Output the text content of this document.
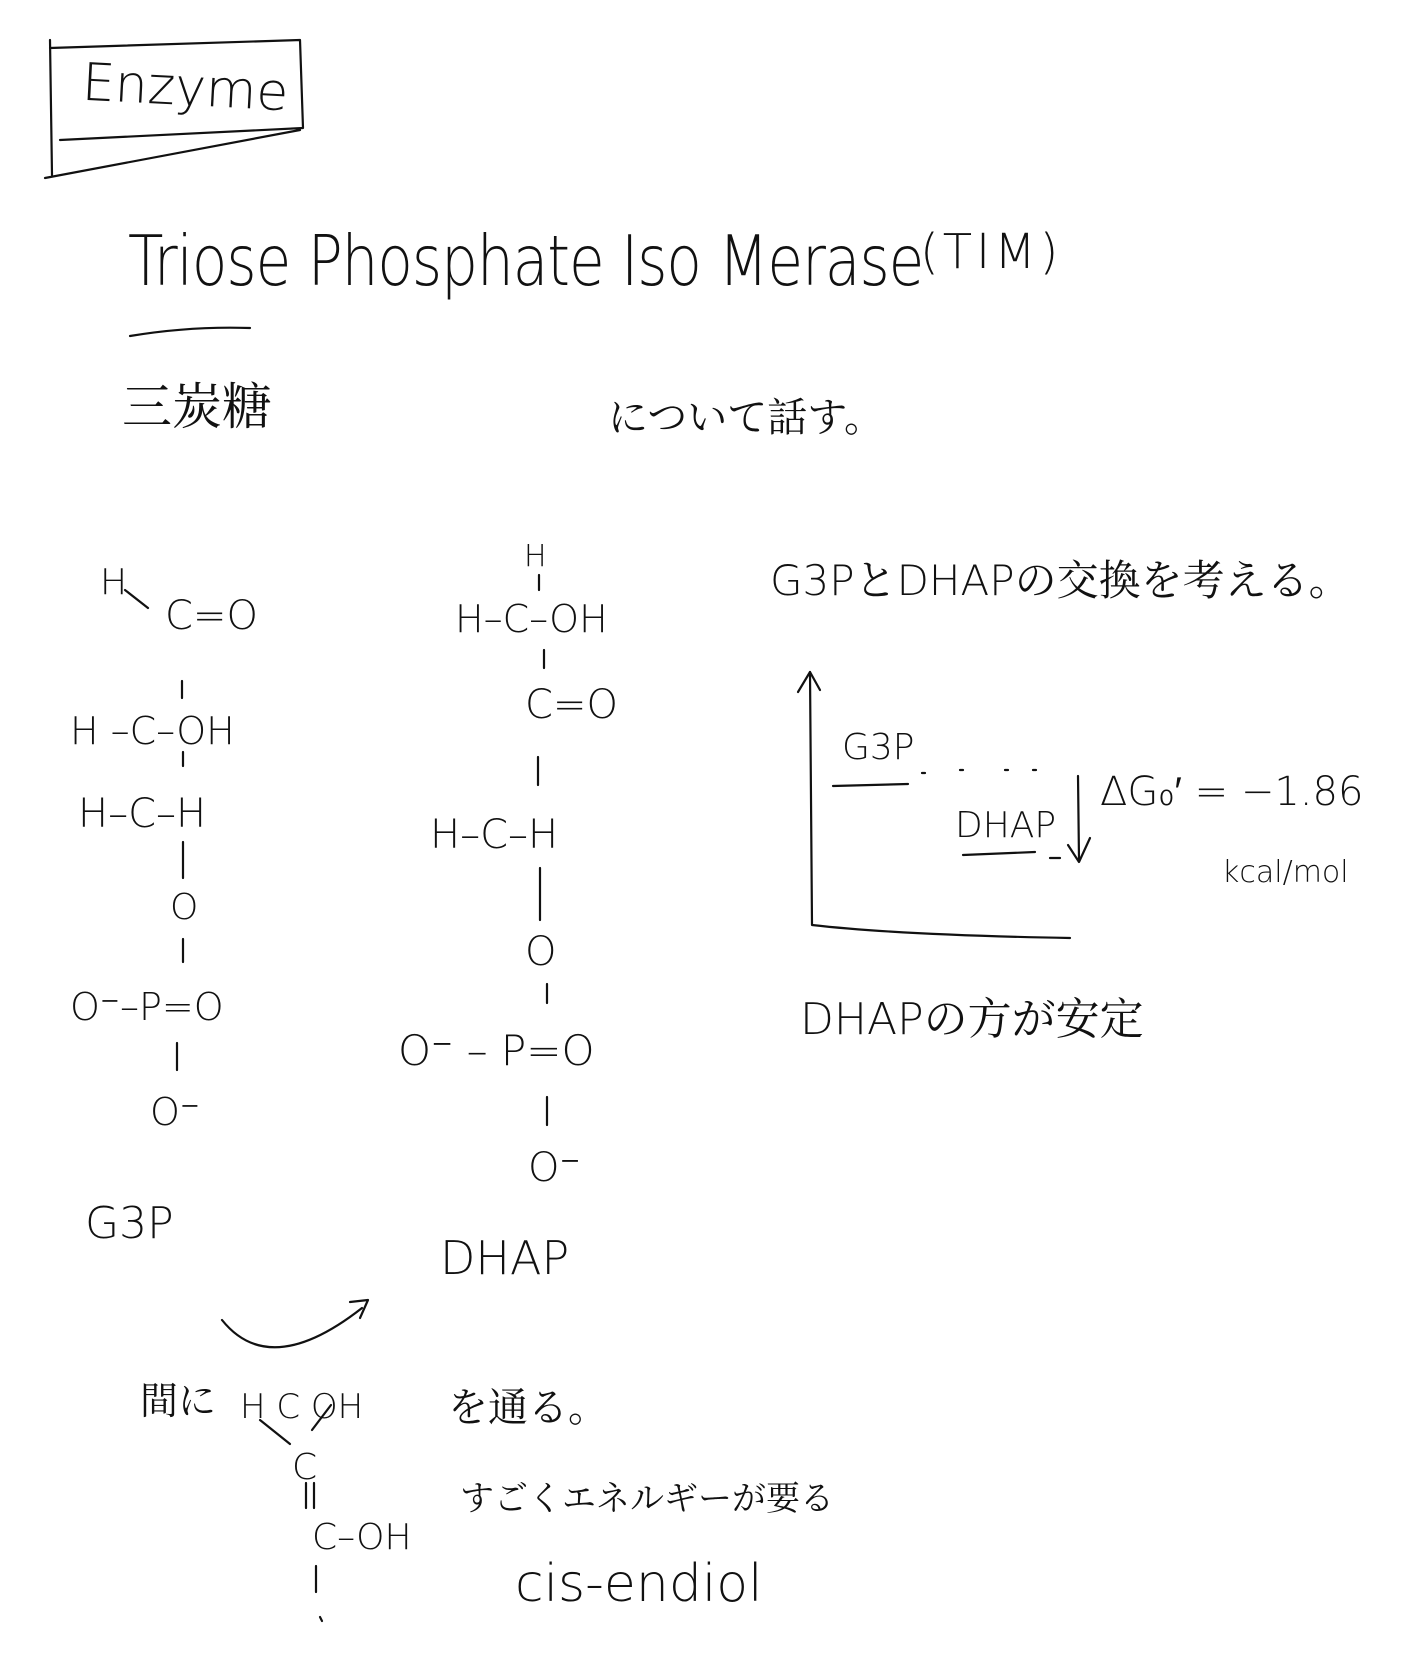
Enzyme
Triose Phosphate Iso Merase
(TIM)
三炭糖	について話す。
H
C=O
H –C–OH
H–C–H
O
O⁻–P=O
O⁻
G3P
H
H–C–OH
C=O
H–C–H
O
O⁻ – P=O
O⁻
DHAP
G3PとDHAPの交換を考える。
G3P
DHAP
ΔG₀′ = −1.86
kcal/mol
DHAPの方が安定
間に H C OH
C
C–OH
を通る。
すごくエネルギーが要る
cis-endiol
